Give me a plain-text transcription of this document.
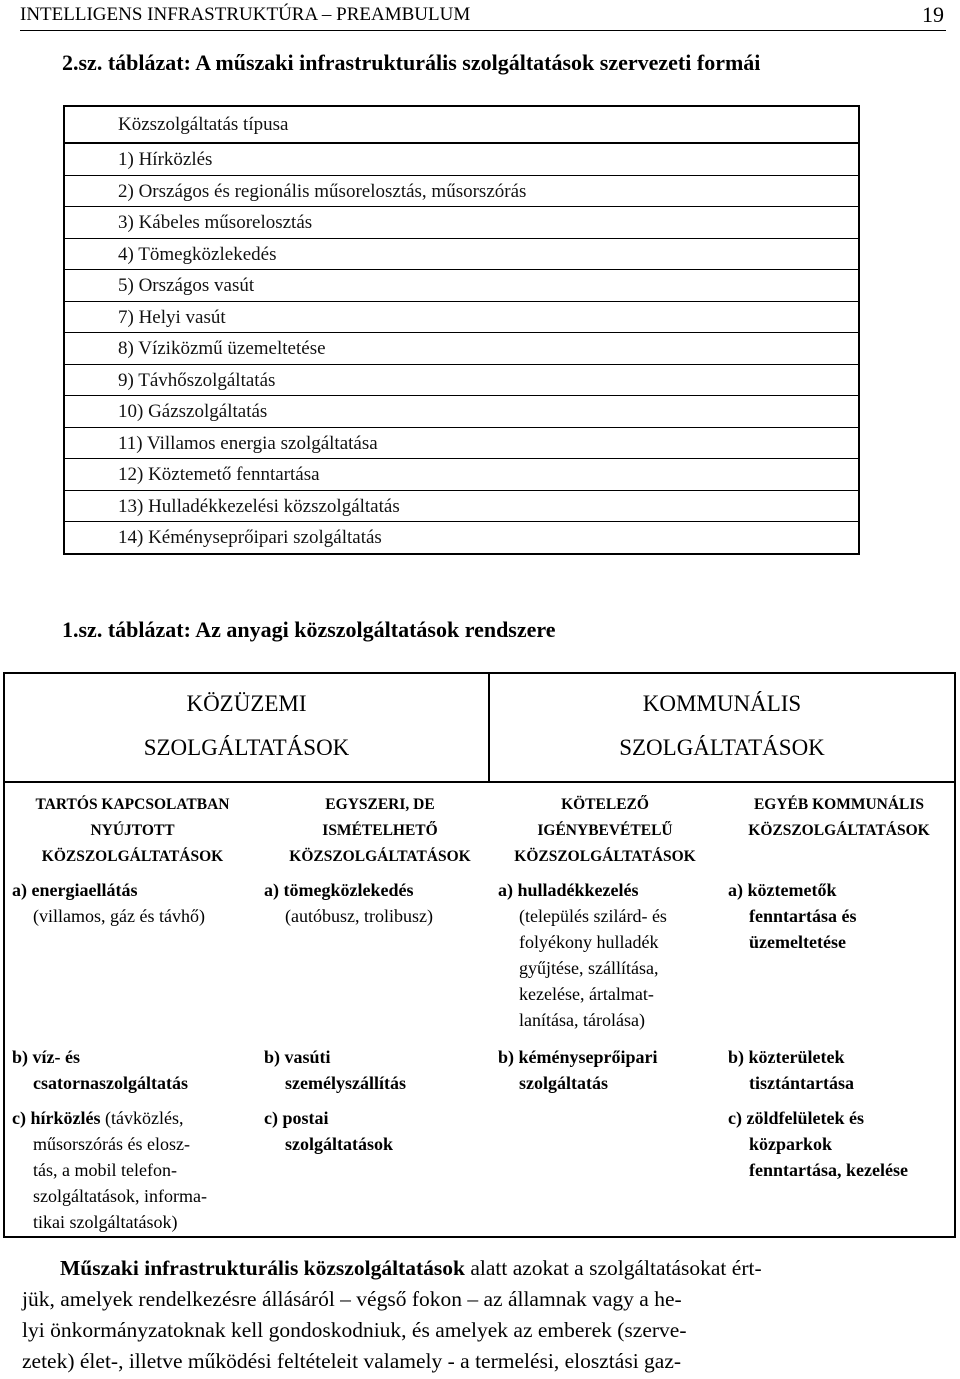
INTELLIGENS INFRASTRUKTÚRA – PREAMBULUM	19
2.sz. táblázat: A műszaki infrastrukturális szolgáltatások szervezeti formái
Közszolgáltatás típusa
1) Hírközlés
2) Országos és regionális műsorelosztás, műsorszórás
3) Kábeles műsorelosztás
4) Tömegközlekedés
5) Országos vasút
7) Helyi vasút
8) Víziközmű üzemeltetése
9) Távhőszolgáltatás
10) Gázszolgáltatás
11) Villamos energia szolgáltatása
12) Köztemető fenntartása
13) Hulladékkezelési közszolgáltatás
14) Kéményseprőipari szolgáltatás
1.sz. táblázat: Az anyagi közszolgáltatások rendszere
KÖZÜZEMI
SZOLGÁLTATÁSOK
KOMMUNÁLIS
SZOLGÁLTATÁSOK
TARTÓS KAPCSOLATBAN
NYÚJTOTT
KÖZSZOLGÁLTATÁSOK
EGYSZERI, DE
ISMÉTELHETŐ
KÖZSZOLGÁLTATÁSOK
KÖTELEZŐ
IGÉNYBEVÉTELŰ
KÖZSZOLGÁLTATÁSOK
EGYÉB KOMMUNÁLIS
KÖZSZOLGÁLTATÁSOK
a) energiaellátás
(villamos, gáz és távhő)
b) víz- és
csatornaszolgáltatás
c) hírközlés (távközlés,
műsorszórás és elosz-
tás, a mobil telefon-
szolgáltatások, informa-
tikai szolgáltatások)
a) tömegközlekedés
(autóbusz, trolibusz)
b) vasúti
személyszállítás
c) postai
szolgáltatások
a) hulladékkezelés
(település szilárd- és
folyékony hulladék
gyűjtése, szállítása,
kezelése, ártalmat-
lanítása, tárolása)
b) kéményseprőipari
szolgáltatás
a) köztemetők
fenntartása és
üzemeltetése
b) közterületek
tisztántartása
c) zöldfelületek és
közparkok
fenntartása, kezelése
Műszaki infrastrukturális közszolgáltatások alatt azokat a szolgáltatásokat ért-
jük, amelyek rendelkezésre állásáról – végső fokon – az államnak vagy a he-
lyi önkormányzatoknak kell gondoskodniuk, és amelyek az emberek (szerve-
zetek) élet-, illetve működési feltételeit valamely - a termelési, elosztási gaz-
